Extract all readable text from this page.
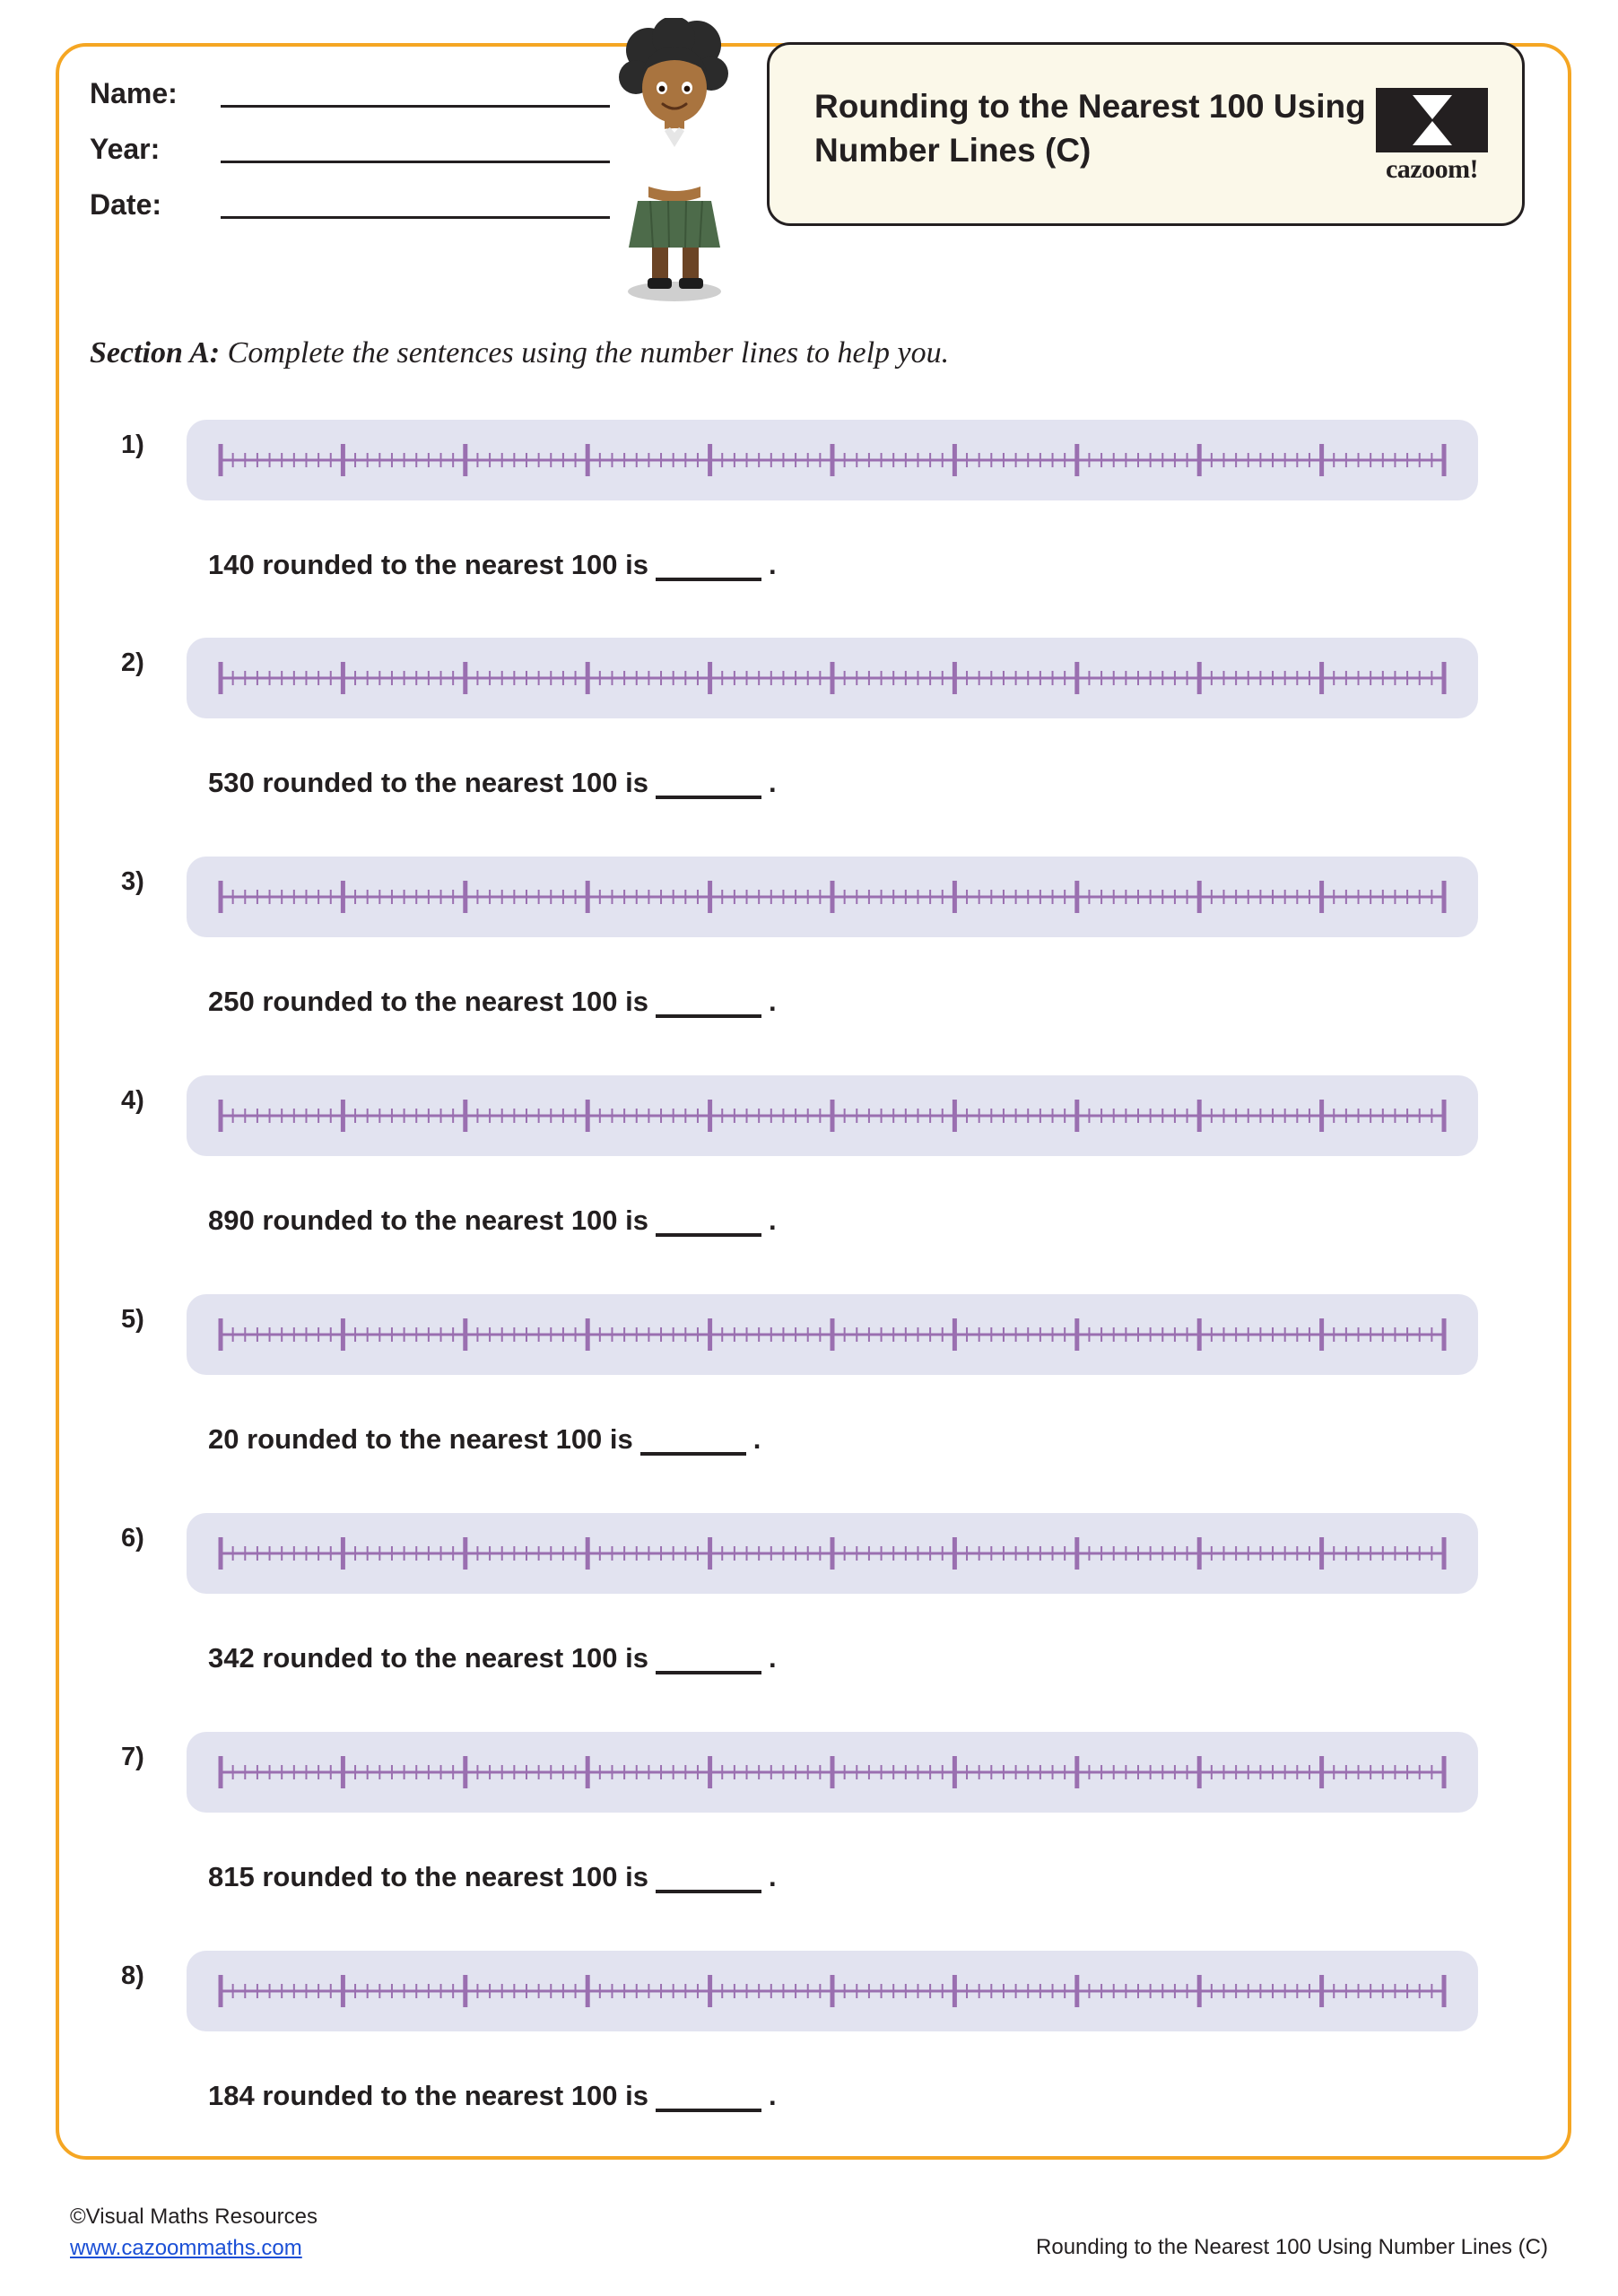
Name:
Year:
Date:
Rounding to the Nearest 100 Using Number Lines (C)
cazoom!
Section A: Complete the sentences using the number lines to help you.
1)
140 rounded to the nearest 100 is	.
2)
530 rounded to the nearest 100 is	.
3)
250 rounded to the nearest 100 is	.
4)
890 rounded to the nearest 100 is	.
5)
20 rounded to the nearest 100 is	.
6)
342 rounded to the nearest 100 is	.
7)
815 rounded to the nearest 100 is	.
8)
184 rounded to the nearest 100 is	.
©Visual Maths Resources
www.cazoommaths.com	Rounding to the Nearest 100 Using Number Lines (C)
